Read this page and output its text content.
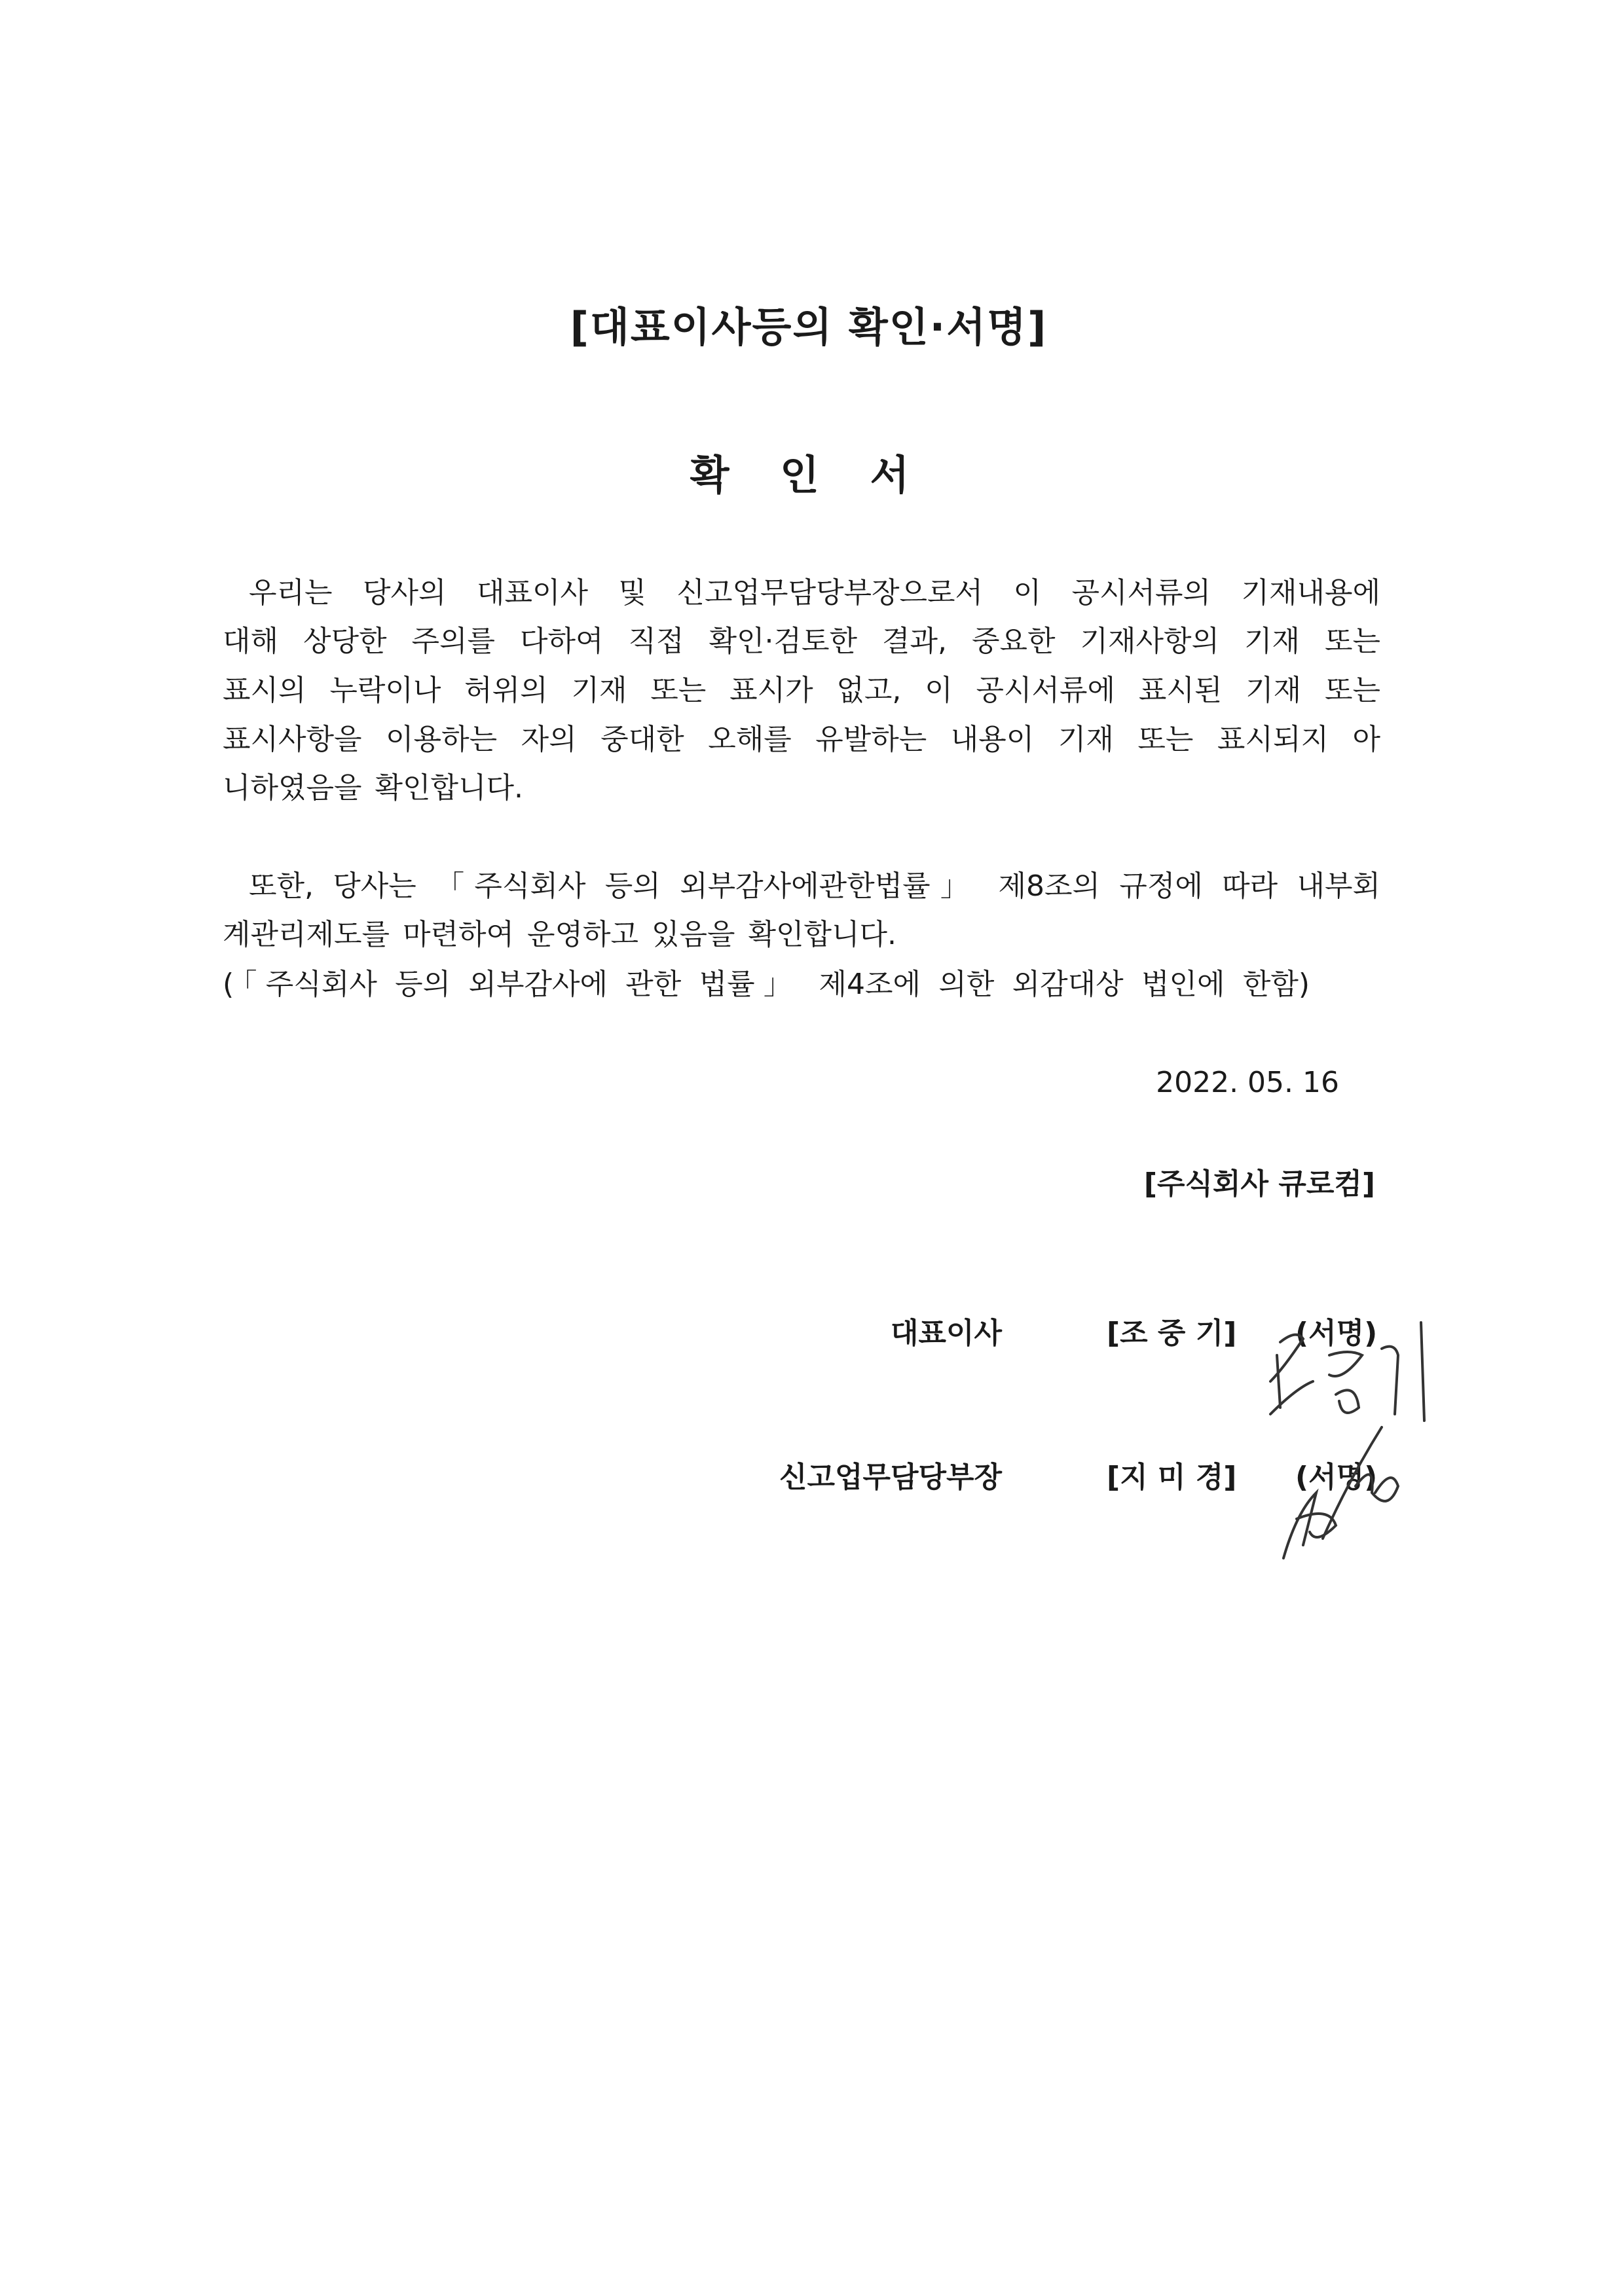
[대표이사등의 확인·서명]
확 인 서
우리는 당사의 대표이사 및 신고업무담당부장으로서 이 공시서류의 기재내용에
대해 상당한 주의를 다하여 직접 확인·검토한 결과, 중요한 기재사항의 기재 또는
표시의 누락이나 허위의 기재 또는 표시가 없고, 이 공시서류에 표시된 기재 또는
표시사항을 이용하는 자의 중대한 오해를 유발하는 내용이 기재 또는 표시되지 아
니하였음을 확인합니다.
또한, 당사는 「주식회사 등의 외부감사에관한법률」 제8조의 규정에 따라 내부회
계관리제도를 마련하여 운영하고 있음을 확인합니다.
(「주식회사 등의 외부감사에 관한 법률」 제4조에 의한 외감대상 법인에 한함)
2022. 05. 16
[주식회사 큐로컴]
대표이사	[조 중 기] (서명)
신고업무담당부장	[지 미 경] (서명)
